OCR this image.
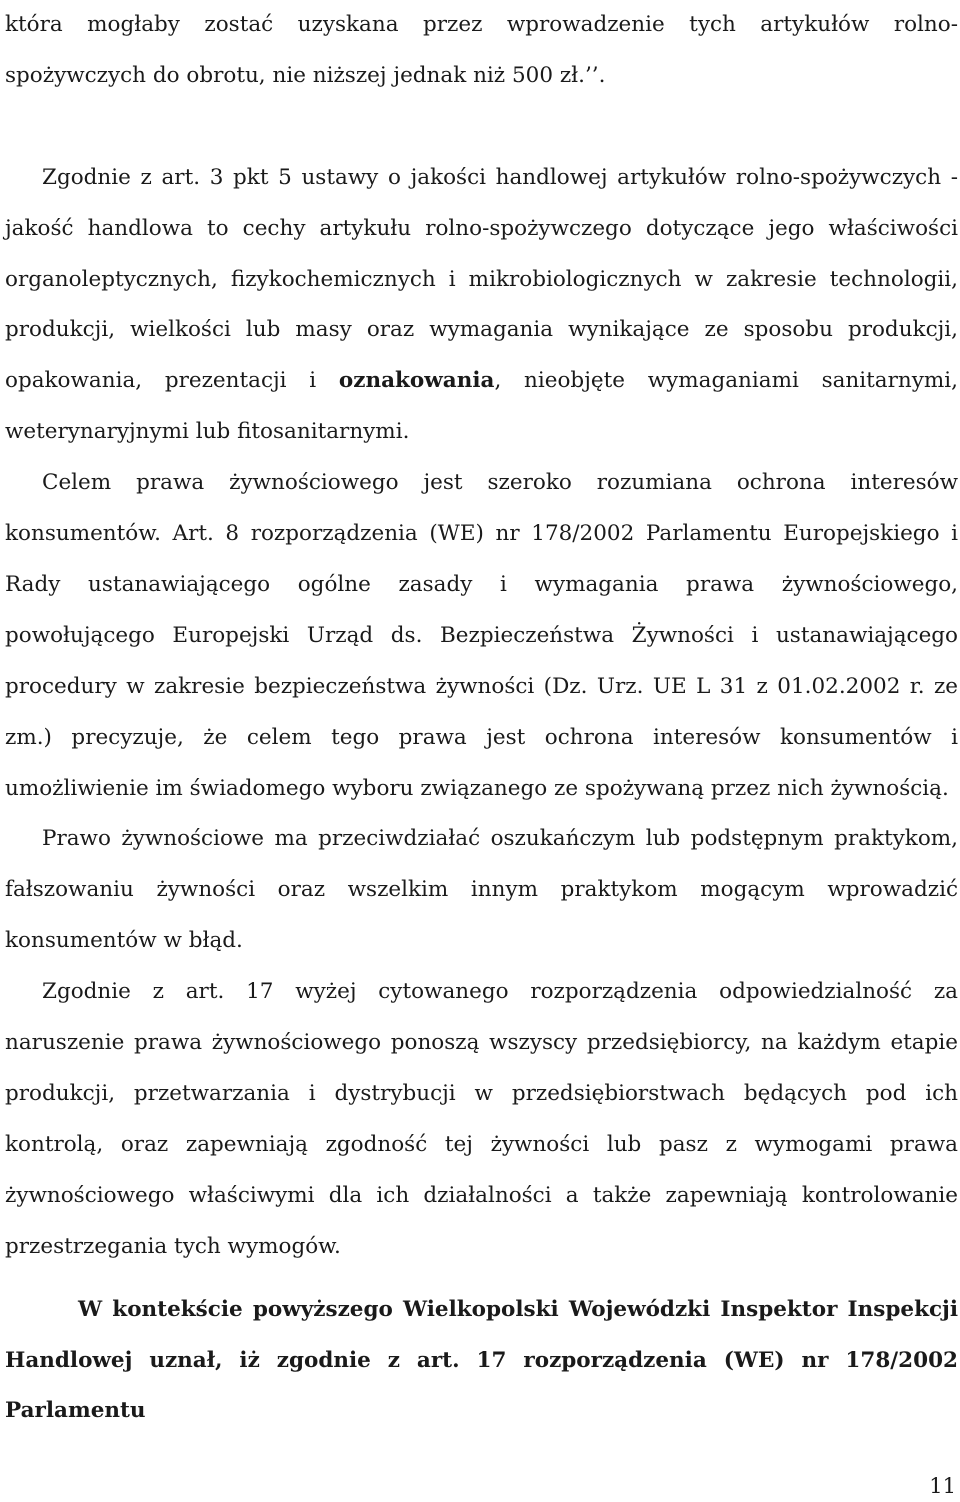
która mogłaby zostać uzyskana przez wprowadzenie tych artykułów rolno-spożywczych do obrotu, nie niższej jednak niż 500 zł.’’.

Zgodnie z art. 3 pkt 5 ustawy o jakości handlowej artykułów rolno-spożywczych - jakość handlowa to cechy artykułu rolno-spożywczego dotyczące jego właściwości organoleptycznych, fizykochemicznych i mikrobiologicznych w zakresie technologii, produkcji, wielkości lub masy oraz wymagania wynikające ze sposobu produkcji, opakowania, prezentacji i oznakowania, nieobjęte wymaganiami sanitarnymi, weterynaryjnymi lub fitosanitarnymi.

Celem prawa żywnościowego jest szeroko rozumiana ochrona interesów konsumentów. Art. 8 rozporządzenia (WE) nr 178/2002 Parlamentu Europejskiego i Rady ustanawiającego ogólne zasady i wymagania prawa żywnościowego, powołującego Europejski Urząd ds. Bezpieczeństwa Żywności i ustanawiającego procedury w zakresie bezpieczeństwa żywności (Dz. Urz. UE L 31 z 01.02.2002 r. ze zm.) precyzuje, że celem tego prawa jest ochrona interesów konsumentów i umożliwienie im świadomego wyboru związanego ze spożywaną przez nich żywnością.

Prawo żywnościowe ma przeciwdziałać oszukańczym lub podstępnym praktykom, fałszowaniu żywności oraz wszelkim innym praktykom mogącym wprowadzić konsumentów w błąd.

Zgodnie z art. 17 wyżej cytowanego rozporządzenia odpowiedzialność za naruszenie prawa żywnościowego ponoszą wszyscy przedsiębiorcy, na każdym etapie produkcji, przetwarzania i dystrybucji w przedsiębiorstwach będących pod ich kontrolą, oraz zapewniają zgodność tej żywności lub pasz z wymogami prawa żywnościowego właściwymi dla ich działalności a także zapewniają kontrolowanie przestrzegania tych wymogów.

W kontekście powyższego Wielkopolski Wojewódzki Inspektor Inspekcji Handlowej uznał, iż zgodnie z art. 17 rozporządzenia (WE) nr 178/2002 Parlamentu

11
